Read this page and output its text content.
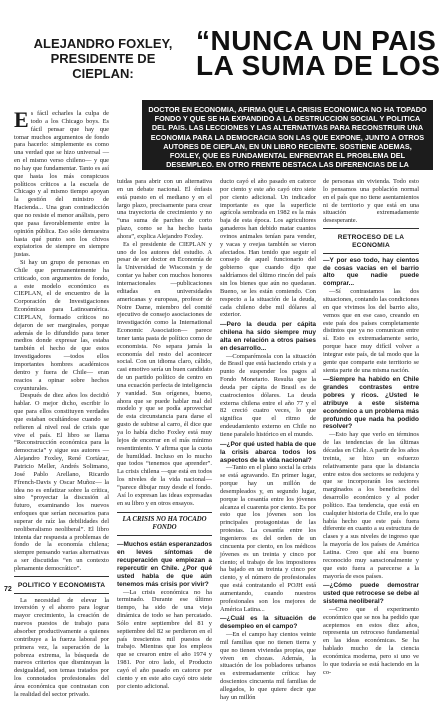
ALEJANDRO FOXLEY,
PRESIDENTE DE
CIEPLAN:
“NUNCA UN PAIS
LA SUMA DE LOS
DOCTOR EN ECONOMIA, AFIRMA QUE LA CRISIS ECONOMICA NO HA TOPADO FONDO Y QUE SE HA EXPANDIDO A LA DESTRUCCION SOCIAL Y POLITICA DEL PAIS. LAS LECCIONES Y LAS ALTERNATIVAS PARA RECONSTRUIR UNA ECONOMIA PARA LA DEMOCRACIA SON LAS QUE EXPONE, JUNTO A OTROS AUTORES DE CIEPLAN, EN UN LIBRO RECIENTE. SOSTIENE ADEMAS, FOXLEY, QUE ES FUNDAMENTAL ENFRENTAR EL PROBLEMA DEL DESEMPLEO. EN OTRO FRENTE DESTACA LAS DIFERENCIAS DE LA ECONOMIA DE MERCADO EN ALEMANIA Y EN CHILE.

Es fácil echarles la culpa de todo a los Chicago boys. Es fácil pensar que hay que tomar muchos argumentos de fondo para hacerlo: simplemente es como una verdad que se hizo universal —en el mismo verso chileno— y que no hay que fundamentar. Tanto es así que hasta los más conspicuos políticos críticos a la escuela de Chicago y al mismo tiempo apoyan la gestión del ministro de Hacienda... Una gran contradicción que no resiste el menor análisis, pero que pasa favorablemente entre la opinión pública. Eso sólo demuestra hasta qué punto son los chivos expiatorios de siempre en siempre justas.

Si hay un grupo de personas en Chile que permanentemente ha criticado, con argumentos de fondo, a este modelo económico es CIEPLAN, el de encuentro de la Corporación de Investigaciones Económicas para Latinoamérica. CIEPLAN, formado críticos no dejaron de ser marginales, porque además de lo difundido para tener medios donde expresar las, estaba también el hecho de que estos investigadores —todos ellos importantes hombres académicos dentro y fuera de Chile— eran reacios a opinar sobre hechos coyunturales.

Después de diez años los decidió hablar. O mejor dicho, escribir lo que para ellos constituyen verdades que estaban ocultándose cuando se refieren al nivel real de crisis que vive el país. El libro se llama “Reconstrucción económica para la democracia” y sigue sus autores —Alejandro Foxley, René Cortázar, Patricio Meller, Andrés Solimano, José Pablo Arellano, Ricardo Ffrench-Davis y Oscar Muñoz— la idea no es enfatizar sobre la crítica, sino “proyectar la discusión al futuro, examinando los nuevos enfoques que serían necesarios para superar de raíz las debilidades del neoliberalismo neoliberal”. El libro intenta dar respuesta a problemas de fondo de la economía chilena; siempre pensando varias alternativas a ser discutidas “en un contexto plenamente democrático”.

POLITICO Y ECONOMISTA

La necesidad de elevar la inversión y el ahorro para lograr mayor crecimiento, la creación de nuevos puestos de trabajo para absorber productivamente a quienes contribuye a la fuerza laboral por primera vez, la superación de la pobreza extrema, la búsqueda de nuevos criterios que disminuyan la desigualdad, son temas tratados por los connotados profesionales del área económica que contrastan con la realidad del sector privado.

tuidas para abrir con un alternativa en un debate nacional. El énfasis está puesto en el mediano y en el largo plazo, precisamente para crear una trayectoria de crecimiento y no “una suma de parches de corto plazo, como se ha hecho hasta ahora”, explica Alejandro Foxley.

Es el presidente de CIEPLAN y uno de los autores del estudio. A pesar de ser doctor en Economía de la Universidad de Wisconsin y de contar ya haber con muchos honores internacionales —publicaciones editadas en universidades americanas y europeas, profesor de Notre Dame, miembro del comité ejecutivo de consejo asociaciones de investigación como la International Economic Association— parece tener tanta pasta de político como de economista. No separa jamás la economía del resto del acontecer social. Con un idioma claro, cálido, casi emotivo sería un buen candidato de un partido político de centro en una ecuación perfecta de inteligencia y vanidad. Sus orígenes, bueno, ahora que se puede hablar mal del modelo y que se podía aprovechar de esta circunstancia para darse el gusto de subirse al carro, él dice que ya lo había dicho Foxley está muy lejos de encerrar en el más mínimo resentimiento. Y afirma que la cuota de humildad. Incluso en lo mucho que todos “tenemos que aprender”. La crisis chilena —que está en todos los niveles de la vida nacional— “parece dibujar muy desde el fondo. Así lo expresan las ideas expresadas en su libro y en otros ensayos.

LA CRISIS NO HA TOCADO FONDO

—Muchos están esperanzados en leves síntomas de recuperación que empiezan a repercutir en Chile. ¿Por qué usted habla de que aún tenemos más crisis por vivir?

—La crisis económica no ha terminado. Durante ese último tiempo, ha sido de una vieja dinámica de todo se han percatado. Sólo entre septiembre del 81 y septiembre del 82 se perdieron en el país trescientos mil puestos de trabajo. Mientras que los empleos que se crearon entre el año 1974 y 1981. Por otro lado, el Producto cayó el año pasado en catorce por ciento y en este año cayó otro siete por ciento adicional.

ducto cayó el año pasado en catorce por ciento y este año cayó otro siete por ciento adicional. Un indicador importante es que la superficie agrícola sembrada en 1982 es la más baja de esta época. Los agricultores ganaderos han debido matar cuantos ovinos animales tenían para vender, y vacas y ovejas también se vieron afectados. Han tenido que seguir el consejo de aquel funcionario del gobierno que cuando dijo que saldríamos del último rincón del país sin los bienes que aún no quedaran. Bueno, se les están comiendo. Con respecto a la situación de la deuda, cada chileno debe mil dólares al exterior.

—Pero la deuda per cápita chilena ha sido siempre muy alta en relación a otros países en desarrollo...

—Comparémosla con la situación de Brasil que está haciendo crisis y a punto de suspender los pagos al Fondo Monetario. Resulta que la deuda per cápita de Brasil es de cuatrocientos dólares. La deuda externa chilena entre el año 77 y el 82 creció cuatro veces, lo que significa que el ritmo de endeudamiento externo en Chile no tiene paralelo histórico en el mundo.

—¿Por qué usted habla de que la crisis abarca todos los aspectos de la vida nacional?

—Tanto en el plano social la crisis se está agravando. En primer lugar, porque hay un millón de desempleados y, en segundo lugar, porque la cesantía entre los jóvenes alcanza el cuarenta por ciento. Es por esto que los jóvenes son los principales protagonistas de las protestas. La cesantía entre los ingenieros es del orden de un cincuenta por ciento, en los médicos jóvenes es un treinta y cinco por ciento; el trabajo de los impositores ha bajado en un treinta y cinco por ciento, y el número de profesionales que está contratando el POJH está aumentando, cuando nuestros profesionales son los mejores de América Latina...

—¿Cuál es la situación de desempleo en el campo?

—En el campo hay cientos veinte mil familias que no tienen tierra y que no tienen viviendas propias, que viven en chozas. Además, la situación de los pobladores urbanos es extremadamente crítica: hay doscientos cincuenta mil familias de allegados, lo que quiere decir que hay un millón

de personas sin vivienda. Todo esto lo pensamos una población normal en el país que no tiene asentamientos ni de territorio y que está en una situación extremadamente desesperante.

RETROCESO DE LA ECONOMIA

—Y por eso todo, hay cientos de cosas vacías en el barrio alto que nadie puede comprar...

—Sí contrastamos las dos situaciones, contando las condiciones en que vivimos los del barrio alto, vemos que en ese caso, creando en este país dos países completamente distintos que ya no comunican entre sí. Esto es extremadamente serio, porque hace muy difícil volver a integrar este país, de tal modo que la gente que compartе este territorio se sienta parte de una misma nación.

—Siempre ha habido en Chile grandes contrastes entre pobres y ricos. ¿Usted le atribuye a este sistema económico a un problema más profundo que nada ha podido resolver?

—Esto hay que verlo en términos de las tendencias de las últimas décadas en Chile. A partir de los años treinta, se hizo un esfuerzo relativamente para que la distancia entre estos dos sectores se redujera y que se incorporarán los sectores marginados a los beneficios del desarrollo económico y al poder político. Esa tendencia, que está en cualquier historia de Chile, era lo que había hecho que este país fuera diferente en cuanto a su estructura de clases y a sus niveles de ingreso que la mayoría de los países de América Latina. Creo que ahí era bueno reconocido muy sanscionalmente y que esto fuera a parecerse a la mayoría de esos países.

—¿Cómo puede demostrar usted que retrocese se debe al sistema neoliberal?

—Creo que el experimento económico que se nos ha pedido que aceptemos en estos diez años, representa un retroceso fundamental en las ideas económicas. Se ha hablado mucho de la ciencia económica moderna, pero si uno ve lo que todavía se está haciendo en la co-

72
